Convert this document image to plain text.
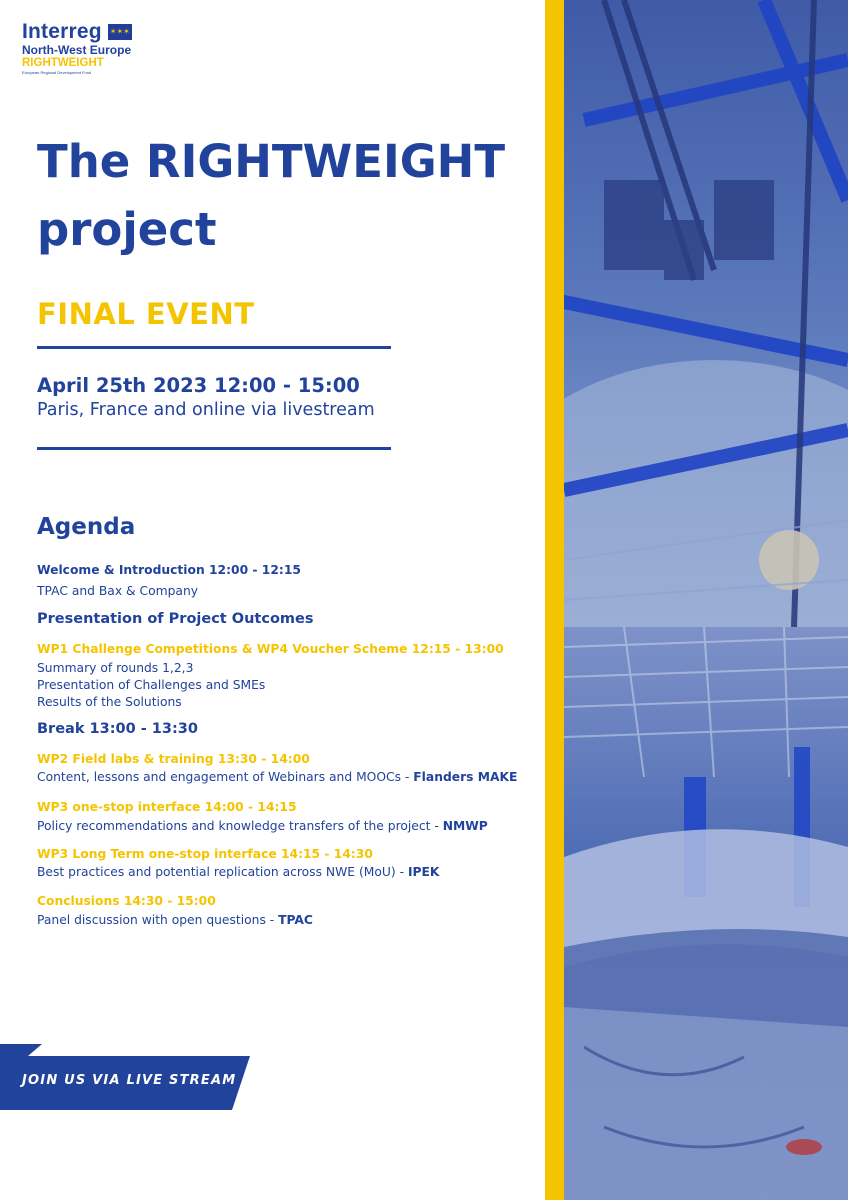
Interreg ✶✶✶
North-West Europe
RIGHTWEIGHT
European Regional Development Fund
The RIGHTWEIGHT project
FINAL EVENT
April 25th 2023 12:00 - 15:00
Paris, France and online via livestream
Agenda
Welcome & Introduction 12:00 - 12:15
TPAC and Bax & Company
Presentation of Project Outcomes
WP1 Challenge Competitions & WP4 Voucher Scheme 12:15 - 13:00
Summary of rounds 1,2,3
Presentation of Challenges and SMEs
Results of the Solutions
Break 13:00 - 13:30
WP2 Field labs & training 13:30 - 14:00
Content, lessons and engagement of Webinars and MOOCs - Flanders MAKE
WP3 one-stop interface 14:00 - 14:15
Policy recommendations and knowledge transfers of the project - NMWP
WP3 Long Term one-stop interface 14:15 - 14:30
Best practices and potential replication across NWE (MoU) - IPEK
Conclusions 14:30 - 15:00
Panel discussion with open questions - TPAC
JOIN US VIA LIVE STREAM
